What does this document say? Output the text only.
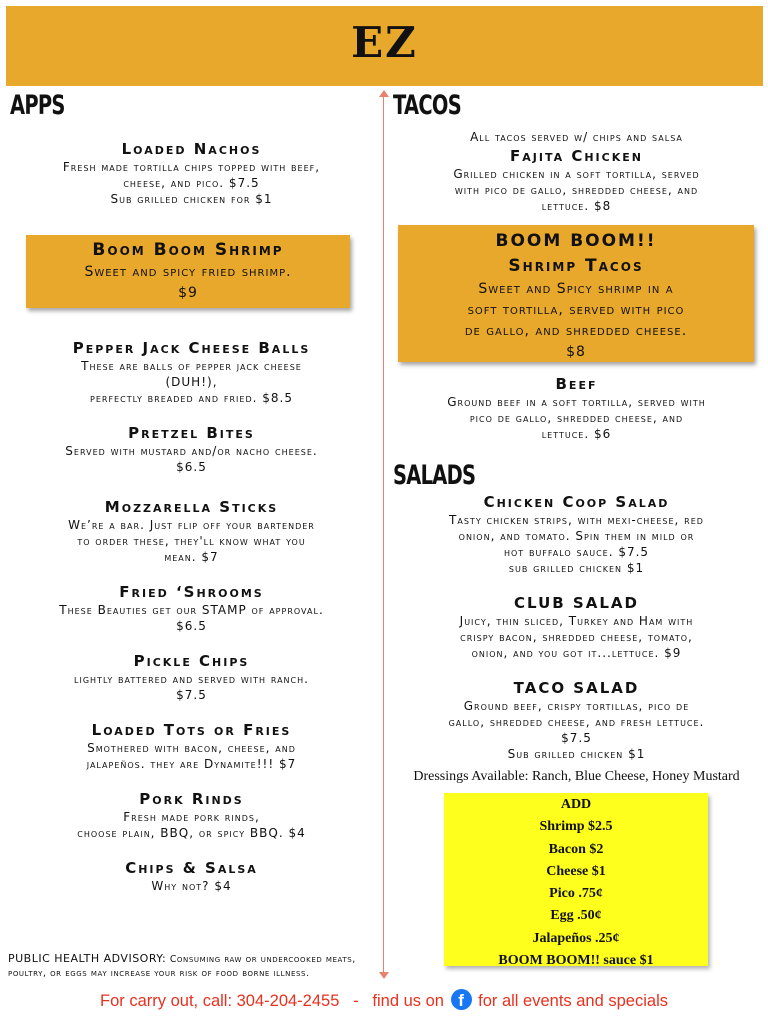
EZ
APPS	TACOS
SALADS
Loaded Nachos
Fresh made tortilla chips topped with beef,
cheese, and pico. $7.5
Sub grilled chicken for $1
Boom Boom Shrimp
Sweet and spicy fried shrimp.
$9
Pepper Jack Cheese Balls
These are balls of pepper jack cheese
(DUH!),
perfectly breaded and fried. $8.5
Pretzel Bites
Served with mustard and/or nacho cheese.
$6.5
Mozzarella Sticks
We’re a bar. Just flip off your bartender
to order these, they'll know what you
mean. $7
Fried ‘Shrooms
These Beauties get our STAMP of approval.
$6.5
Pickle Chips
lightly battered and served with ranch.
$7.5
Loaded Tots or Fries
Smothered with bacon, cheese, and
jalapeños. they are Dynamite!!! $7
Pork Rinds
Fresh made pork rinds,
choose plain, BBQ, or spicy BBQ. $4
Chips & Salsa
Why not? $4
All tacos served w/ chips and salsa
Fajita Chicken
Grilled chicken in a soft tortilla, served
with pico de gallo, shredded cheese, and
lettuce. $8
BOOM BOOM!!
Shrimp Tacos
Sweet and Spicy shrimp in a
soft tortilla, served with pico
de gallo, and shredded cheese.
$8
Beef
Ground beef in a soft tortilla, served with
pico de gallo, shredded cheese, and
lettuce. $6
Chicken Coop Salad
Tasty chicken strips, with mexi-cheese, red
onion, and tomato. Spin them in mild or
hot buffalo sauce. $7.5
sub grilled chicken $1
CLUB SALAD
Juicy, thin sliced, Turkey and Ham with
crispy bacon, shredded cheese, tomato,
onion, and you got it...lettuce. $9
TACO SALAD
Ground beef, crispy tortillas, pico de
gallo, shredded cheese, and fresh lettuce.
$7.5
Sub grilled chicken $1
Dressings Available: Ranch, Blue Cheese, Honey Mustard
ADD
Shrimp $2.5
Bacon $2
Cheese $1
Pico .75¢
Egg .50¢
Jalapeños .25¢
BOOM BOOM!! sauce $1
PUBLIC HEALTH ADVISORY: Consuming raw or undercooked meats, poultry, or eggs may increase your risk of food borne illness.
For carry out, call: 304-204-2455   -   find us on f for all events and specials
